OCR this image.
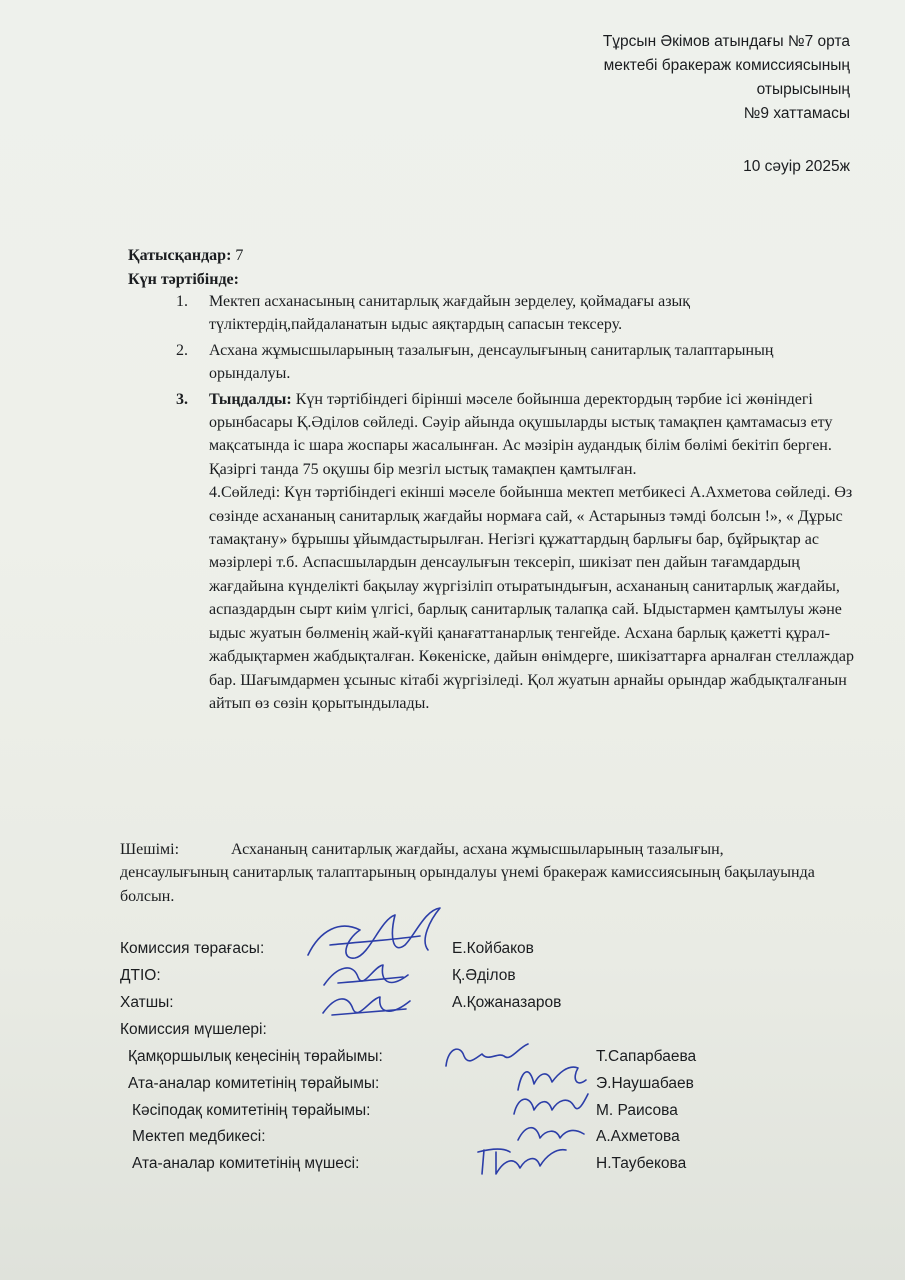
Тұрсын Әкімов атындағы №7 орта
мектебі бракераж комиссиясының
отырысының
№9 хаттамасы
10 сәуір 2025ж
Қатысқандар: 7
Күн тәртібінде:
1. Мектеп асханасының санитарлық жағдайын зерделеу, қоймадағы азық түліктердің,пайдаланатын ыдыс аяқтардың сапасын тексеру.
2. Асхана жұмысшыларының тазалығын, денсаулығының санитарлық талаптарының орындалуы.
3. Тыңдалды: Күн тәртібіндегі бірінші мәселе бойынша деректордың тәрбие ісі жөніндегі орынбасары Қ.Әділов сөйледі. Сәуір айында оқушыларды ыстық тамақпен қамтамасыз ету мақсатында іс шара жоспары жасалынған. Ас мәзірін аудандық білім бөлімі бекітіп берген. Қазіргі танда 75 оқушы бір мезгіл ыстық тамақпен қамтылған.
4.Сөйледі: Күн тәртібіндегі екінші мәселе бойынша мектеп метбикесі А.Ахметова сөйледі. Өз сөзінде асхананың санитарлық жағдайы нормаға сай, « Астарыныз тәмді болсын !», « Дұрыс тамақтану» бұрышы ұйымдастырылған. Негізгі құжаттардың барлығы бар, бұйрықтар ас мәзірлері т.б. Аспасшылардын денсаулығын тексеріп, шикізат пен дайын тағамдардың жағдайына күнделікті бақылау жүргізіліп отыратындығын, асхананың санитарлық жағдайы, аспаздардын сырт киім үлгісі, барлық санитарлық талапқа сай. Ыдыстармен қамтылуы және ыдыс жуатын бөлменің жай-күйі қанағаттанарлық тенгейде. Асхана барлық қажетті құрал-жабдықтармен жабдықталған. Көкеніске, дайын өнімдерге, шикізаттарға арналған стеллаждар бар. Шағымдармен ұсыныс кітабі жүргізіледі. Қол жуатын арнайы орындар жабдықталғанын айтып өз сөзін қорытындылады.
Шешімі:	Асхананың санитарлық жағдайы, асхана жұмысшыларының тазалығын, денсаулығының санитарлық талаптарының орындалуы үнемі бракераж камиссиясының бақылауында болсын.
Комиссия төрағасы:	Е.Койбаков
ДТІО:	Қ.Әділов
Хатшы:	А.Қожаназаров
Комиссия мүшелері:
Қамқоршылық кеңесінің төрайымы:	Т.Сапарбаева
Ата-аналар комитетінің төрайымы:	Э.Наушабаев
Кәсіподақ комитетінің төрайымы:	М. Раисова
Мектеп медбикесі:	А.Ахметова
Ата-аналар комитетінің мүшесі:	Н.Таубекова
